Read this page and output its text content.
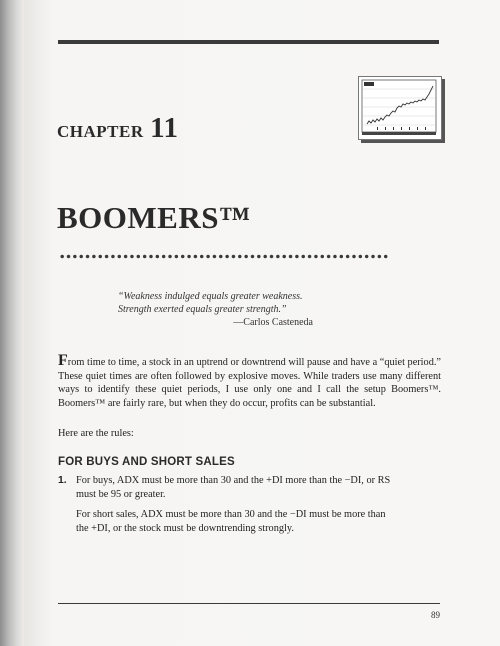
CHAPTER 11
BOOMERS™
“Weakness indulged equals greater weakness.
Strength exerted equals greater strength.”
—Carlos Casteneda
From time to time, a stock in an uptrend or downtrend will pause and have a “quiet period.” These quiet times are often followed by explosive moves. While traders use many different ways to identify these quiet periods, I use only one and I call the setup Boomers™. Boomers™ are fairly rare, but when they do occur, profits can be substantial.
Here are the rules:
FOR BUYS AND SHORT SALES
1. For buys, ADX must be more than 30 and the +DI more than the −DI, or RS must be 95 or greater.

For short sales, ADX must be more than 30 and the −DI must be more than the +DI, or the stock must be downtrending strongly.

89
